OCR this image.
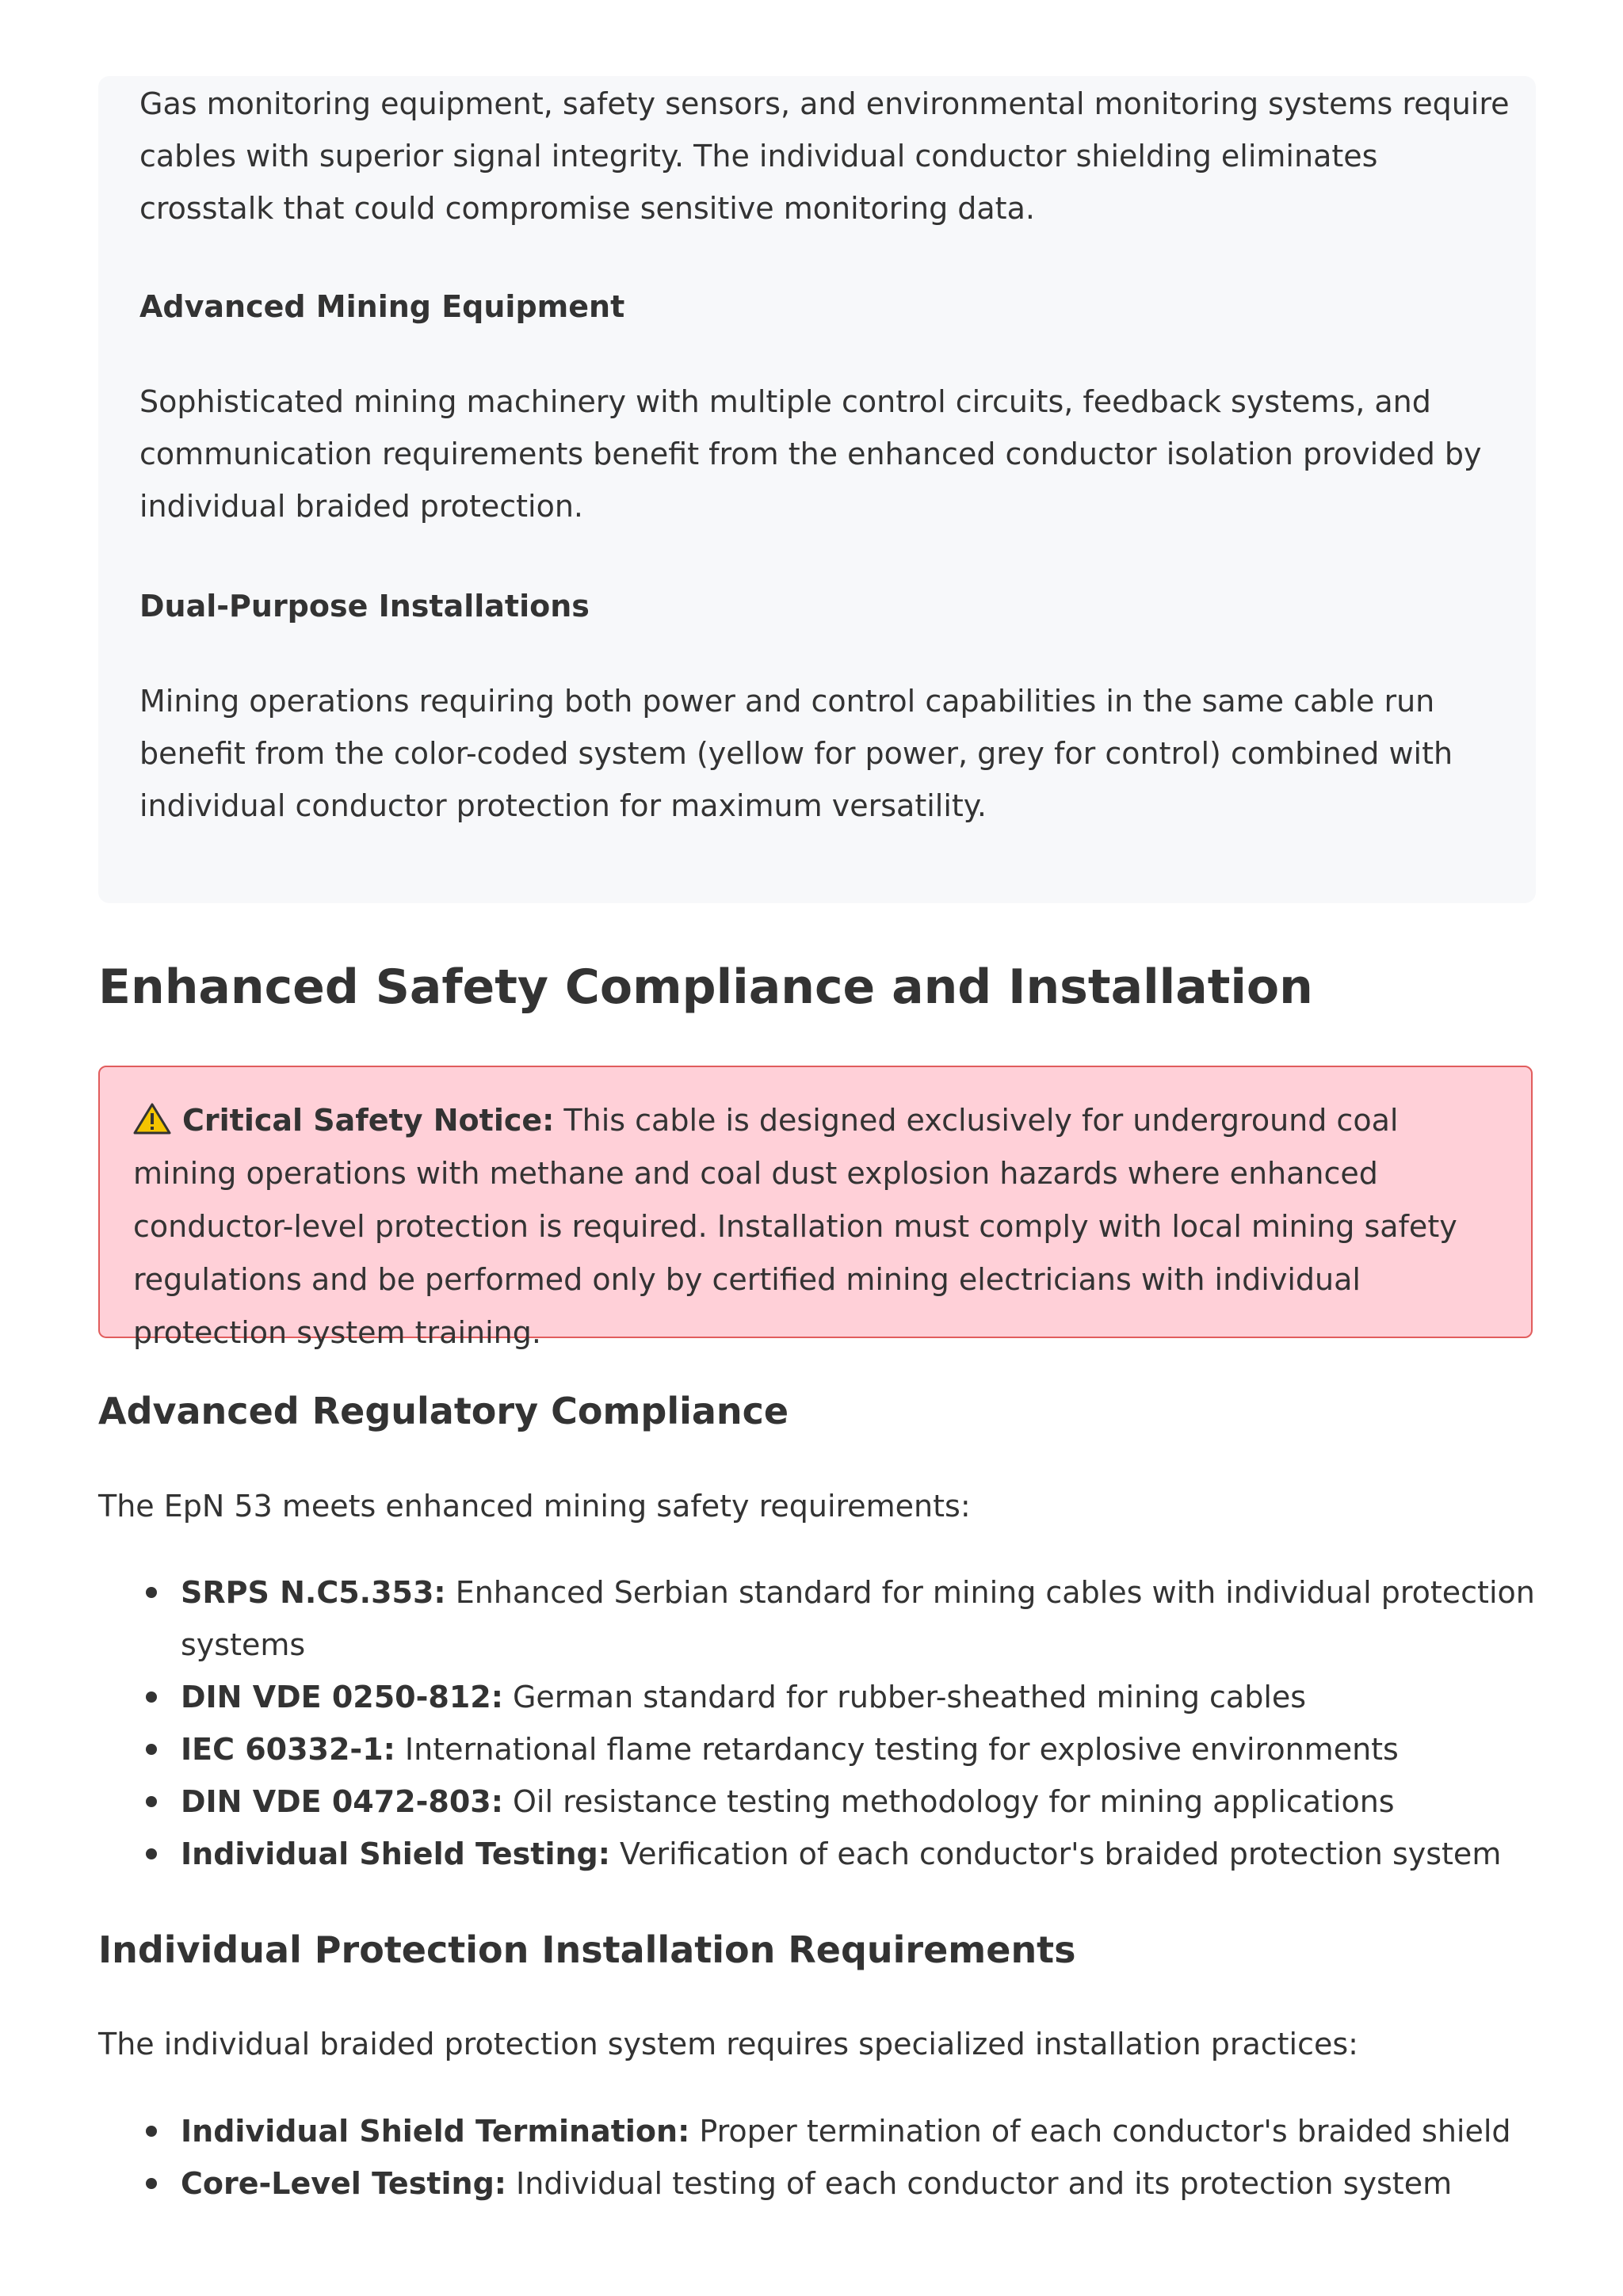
Gas monitoring equipment, safety sensors, and environmental monitoring systems require cables with superior signal integrity. The individual conductor shielding eliminates crosstalk that could compromise sensitive monitoring data.

Advanced Mining Equipment

Sophisticated mining machinery with multiple control circuits, feedback systems, and communication requirements benefit from the enhanced conductor isolation provided by individual braided protection.

Dual-Purpose Installations

Mining operations requiring both power and control capabilities in the same cable run benefit from the color-coded system (yellow for power, grey for control) combined with individual conductor protection for maximum versatility.

Enhanced Safety Compliance and Installation

Critical Safety Notice: This cable is designed exclusively for underground coal mining operations with methane and coal dust explosion hazards where enhanced conductor-level protection is required. Installation must comply with local mining safety regulations and be performed only by certified mining electricians with individual protection system training.

Advanced Regulatory Compliance

The EpN 53 meets enhanced mining safety requirements:

SRPS N.C5.353: Enhanced Serbian standard for mining cables with individual protection systems
DIN VDE 0250-812: German standard for rubber-sheathed mining cables
IEC 60332-1: International flame retardancy testing for explosive environments
DIN VDE 0472-803: Oil resistance testing methodology for mining applications
Individual Shield Testing: Verification of each conductor's braided protection system
Individual Protection Installation Requirements

The individual braided protection system requires specialized installation practices:

Individual Shield Termination: Proper termination of each conductor's braided shield
Core-Level Testing: Individual testing of each conductor and its protection system
